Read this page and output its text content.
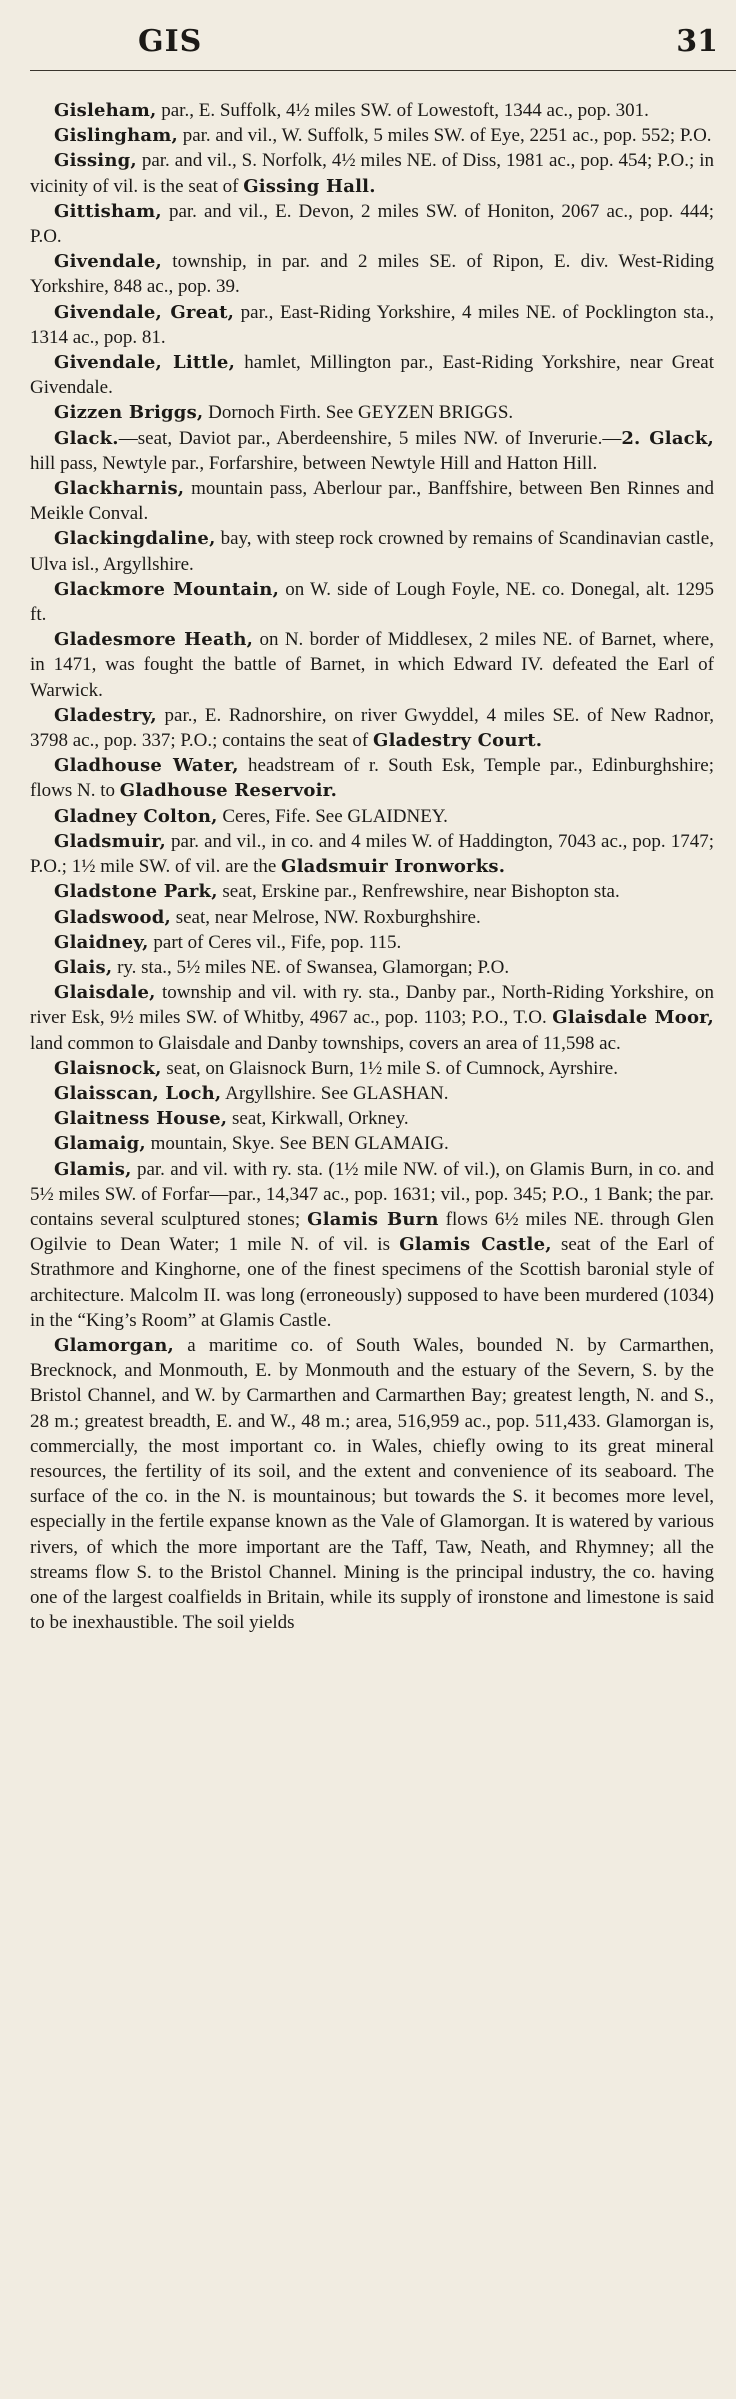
GIS	31

Gisleham, par., E. Suffolk, 4½ miles SW. of Lowestoft, 1344 ac., pop. 301.

Gislingham, par. and vil., W. Suffolk, 5 miles SW. of Eye, 2251 ac., pop. 552; P.O.

Gissing, par. and vil., S. Norfolk, 4½ miles NE. of Diss, 1981 ac., pop. 454; P.O.; in vicinity of vil. is the seat of Gissing Hall.

Gittisham, par. and vil., E. Devon, 2 miles SW. of Honiton, 2067 ac., pop. 444; P.O.

Givendale, township, in par. and 2 miles SE. of Ripon, E. div. West-Riding Yorkshire, 848 ac., pop. 39.

Givendale, Great, par., East-Riding Yorkshire, 4 miles NE. of Pocklington sta., 1314 ac., pop. 81.

Givendale, Little, hamlet, Millington par., East-Riding Yorkshire, near Great Givendale.

Gizzen Briggs, Dornoch Firth. See GEYZEN BRIGGS.

Glack.—seat, Daviot par., Aberdeenshire, 5 miles NW. of Inverurie.—2. Glack, hill pass, Newtyle par., Forfarshire, between Newtyle Hill and Hatton Hill.

Glackharnis, mountain pass, Aberlour par., Banffshire, between Ben Rinnes and Meikle Conval.

Glackingdaline, bay, with steep rock crowned by remains of Scandinavian castle, Ulva isl., Argyllshire.

Glackmore Mountain, on W. side of Lough Foyle, NE. co. Donegal, alt. 1295 ft.

Gladesmore Heath, on N. border of Middlesex, 2 miles NE. of Barnet, where, in 1471, was fought the battle of Barnet, in which Edward IV. defeated the Earl of Warwick.

Gladestry, par., E. Radnorshire, on river Gwyddel, 4 miles SE. of New Radnor, 3798 ac., pop. 337; P.O.; contains the seat of Gladestry Court.

Gladhouse Water, headstream of r. South Esk, Temple par., Edinburghshire; flows N. to Gladhouse Reservoir.

Gladney Colton, Ceres, Fife. See GLAIDNEY.

Gladsmuir, par. and vil., in co. and 4 miles W. of Haddington, 7043 ac., pop. 1747; P.O.; 1½ mile SW. of vil. are the Gladsmuir Ironworks.

Gladstone Park, seat, Erskine par., Renfrewshire, near Bishopton sta.

Gladswood, seat, near Melrose, NW. Roxburghshire.

Glaidney, part of Ceres vil., Fife, pop. 115.

Glais, ry. sta., 5½ miles NE. of Swansea, Glamorgan; P.O.

Glaisdale, township and vil. with ry. sta., Danby par., North-Riding Yorkshire, on river Esk, 9½ miles SW. of Whitby, 4967 ac., pop. 1103; P.O., T.O. Glaisdale Moor, land common to Glaisdale and Danby townships, covers an area of 11,598 ac.

Glaisnock, seat, on Glaisnock Burn, 1½ mile S. of Cumnock, Ayrshire.

Glaisscan, Loch, Argyllshire. See GLASHAN.

Glaitness House, seat, Kirkwall, Orkney.

Glamaig, mountain, Skye. See BEN GLAMAIG.

Glamis, par. and vil. with ry. sta. (1½ mile NW. of vil.), on Glamis Burn, in co. and 5½ miles SW. of Forfar—par., 14,347 ac., pop. 1631; vil., pop. 345; P.O., 1 Bank; the par. contains several sculptured stones; Glamis Burn flows 6½ miles NE. through Glen Ogilvie to Dean Water; 1 mile N. of vil. is Glamis Castle, seat of the Earl of Strathmore and Kinghorne, one of the finest specimens of the Scottish baronial style of architecture. Malcolm II. was long (erroneously) supposed to have been murdered (1034) in the “King’s Room” at Glamis Castle.

Glamorgan, a maritime co. of South Wales, bounded N. by Carmarthen, Brecknock, and Monmouth, E. by Monmouth and the estuary of the Severn, S. by the Bristol Channel, and W. by Carmarthen and Carmarthen Bay; greatest length, N. and S., 28 m.; greatest breadth, E. and W., 48 m.; area, 516,959 ac., pop. 511,433. Glamorgan is, commercially, the most important co. in Wales, chiefly owing to its great mineral resources, the fertility of its soil, and the extent and convenience of its seaboard. The surface of the co. in the N. is mountainous; but towards the S. it becomes more level, especially in the fertile expanse known as the Vale of Glamorgan. It is watered by various rivers, of which the more important are the Taff, Taw, Neath, and Rhymney; all the streams flow S. to the Bristol Channel. Mining is the principal industry, the co. having one of the largest coalfields in Britain, while its supply of ironstone and limestone is said to be inexhaustible. The soil yields
